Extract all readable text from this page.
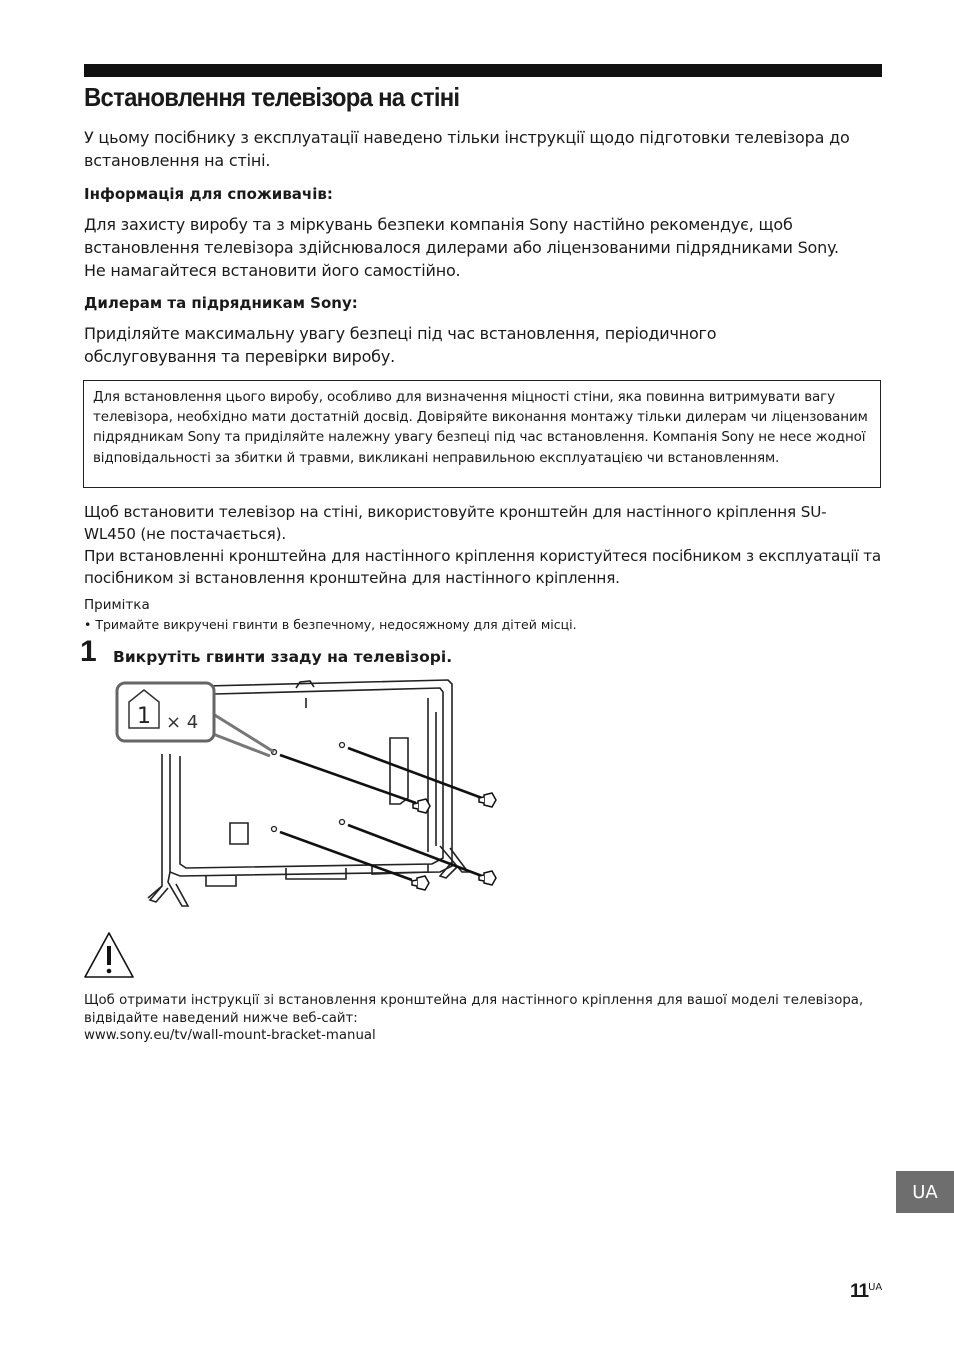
Встановлення телевізора на стіні

У цьому посібнику з експлуатації наведено тільки інструкції щодо підготовки телевізора до встановлення на стіні.

Інформація для споживачів:

Для захисту виробу та з міркувань безпеки компанія Sony настійно рекомендує, щоб встановлення телевізора здійснювалося дилерами або ліцензованими підрядниками Sony. Не намагайтеся встановити його самостійно.

Дилерам та підрядникам Sony:

Приділяйте максимальну увагу безпеці під час встановлення, періодичного обслуговування та перевірки виробу.

Для встановлення цього виробу, особливо для визначення міцності стіни, яка повинна витримувати вагу телевізора, необхідно мати достатній досвід. Довіряйте виконання монтажу тільки дилерам чи ліцензованим підрядникам Sony та приділяйте належну увагу безпеці під час встановлення. Компанія Sony не несе жодної відповідальності за збитки й травми, викликані неправильною експлуатацією чи встановленням.

Щоб встановити телевізор на стіні, використовуйте кронштейн для настінного кріплення SU-WL450 (не постачається).

При встановленні кронштейна для настінного кріплення користуйтеся посібником з експлуатації та посібником зі встановлення кронштейна для настінного кріплення.

Примітка

• Тримайте викручені гвинти в безпечному, недосяжному для дітей місці.

1 Викрутіть гвинти ззаду на телевізорі.

1 × 4
Щоб отримати інструкції зі встановлення кронштейна для настінного кріплення для вашої моделі телевізора, відвідайте наведений нижче веб-сайт:
www.sony.eu/tv/wall-mount-bracket-manual
UA
$11^{UA}$
